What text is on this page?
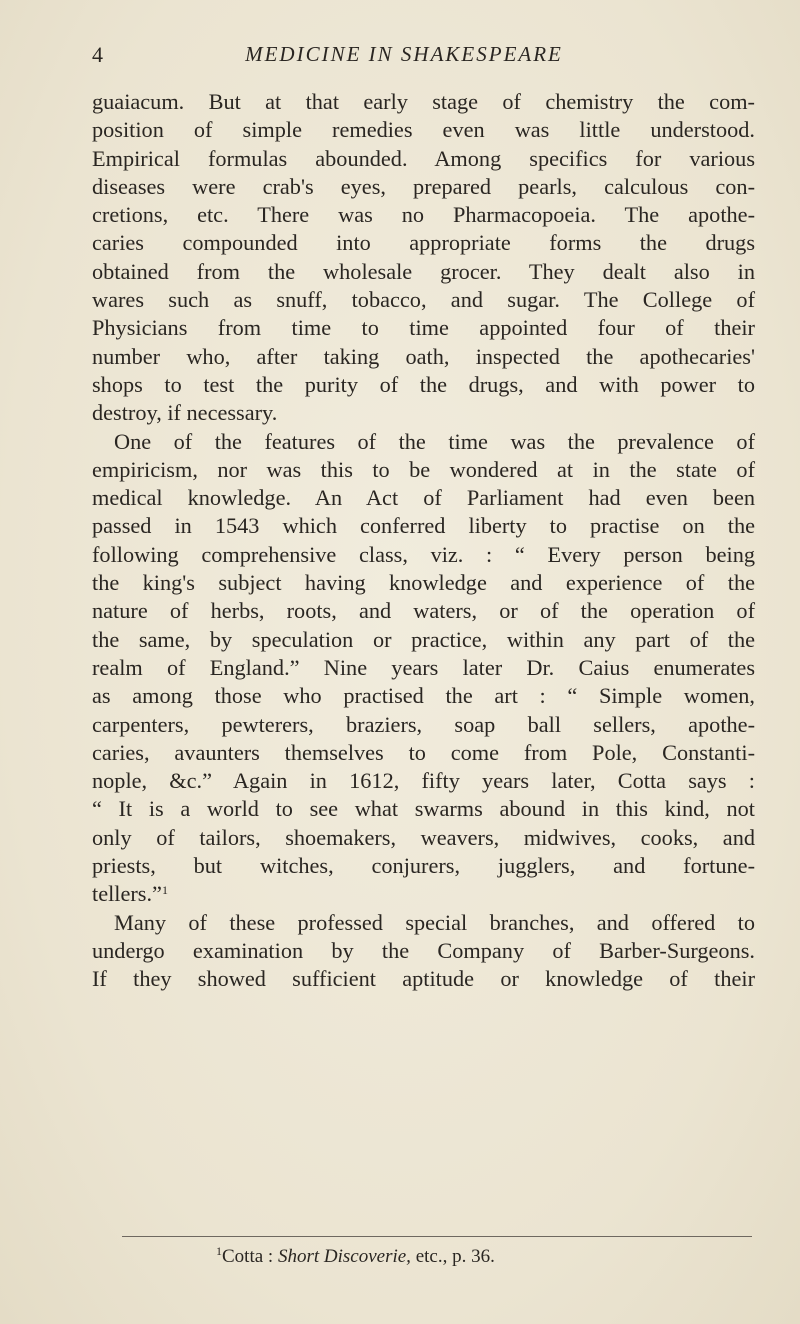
4	MEDICINE IN SHAKESPEARE
guaiacum. But at that early stage of chemistry the com-
position of simple remedies even was little understood.
Empirical formulas abounded. Among specifics for various
diseases were crab's eyes, prepared pearls, calculous con-
cretions, etc. There was no Pharmacopoeia. The apothe-
caries compounded into appropriate forms the drugs
obtained from the wholesale grocer. They dealt also in
wares such as snuff, tobacco, and sugar. The College of
Physicians from time to time appointed four of their
number who, after taking oath, inspected the apothecaries'
shops to test the purity of the drugs, and with power to
destroy, if necessary.
One of the features of the time was the prevalence of
empiricism, nor was this to be wondered at in the state of
medical knowledge. An Act of Parliament had even been
passed in 1543 which conferred liberty to practise on the
following comprehensive class, viz. : “ Every person being
the king's subject having knowledge and experience of the
nature of herbs, roots, and waters, or of the operation of
the same, by speculation or practice, within any part of the
realm of England.” Nine years later Dr. Caius enumerates
as among those who practised the art : “ Simple women,
carpenters, pewterers, braziers, soap ball sellers, apothe-
caries, avaunters themselves to come from Pole, Constanti-
nople, &c.” Again in 1612, fifty years later, Cotta says :
“ It is a world to see what swarms abound in this kind, not
only of tailors, shoemakers, weavers, midwives, cooks, and
priests, but witches, conjurers, jugglers, and fortune-
tellers.”$^1$
Many of these professed special branches, and offered to
undergo examination by the Company of Barber-Surgeons.
If they showed sufficient aptitude or knowledge of their
$^1$Cotta : Short Discoverie, etc., p. 36.
